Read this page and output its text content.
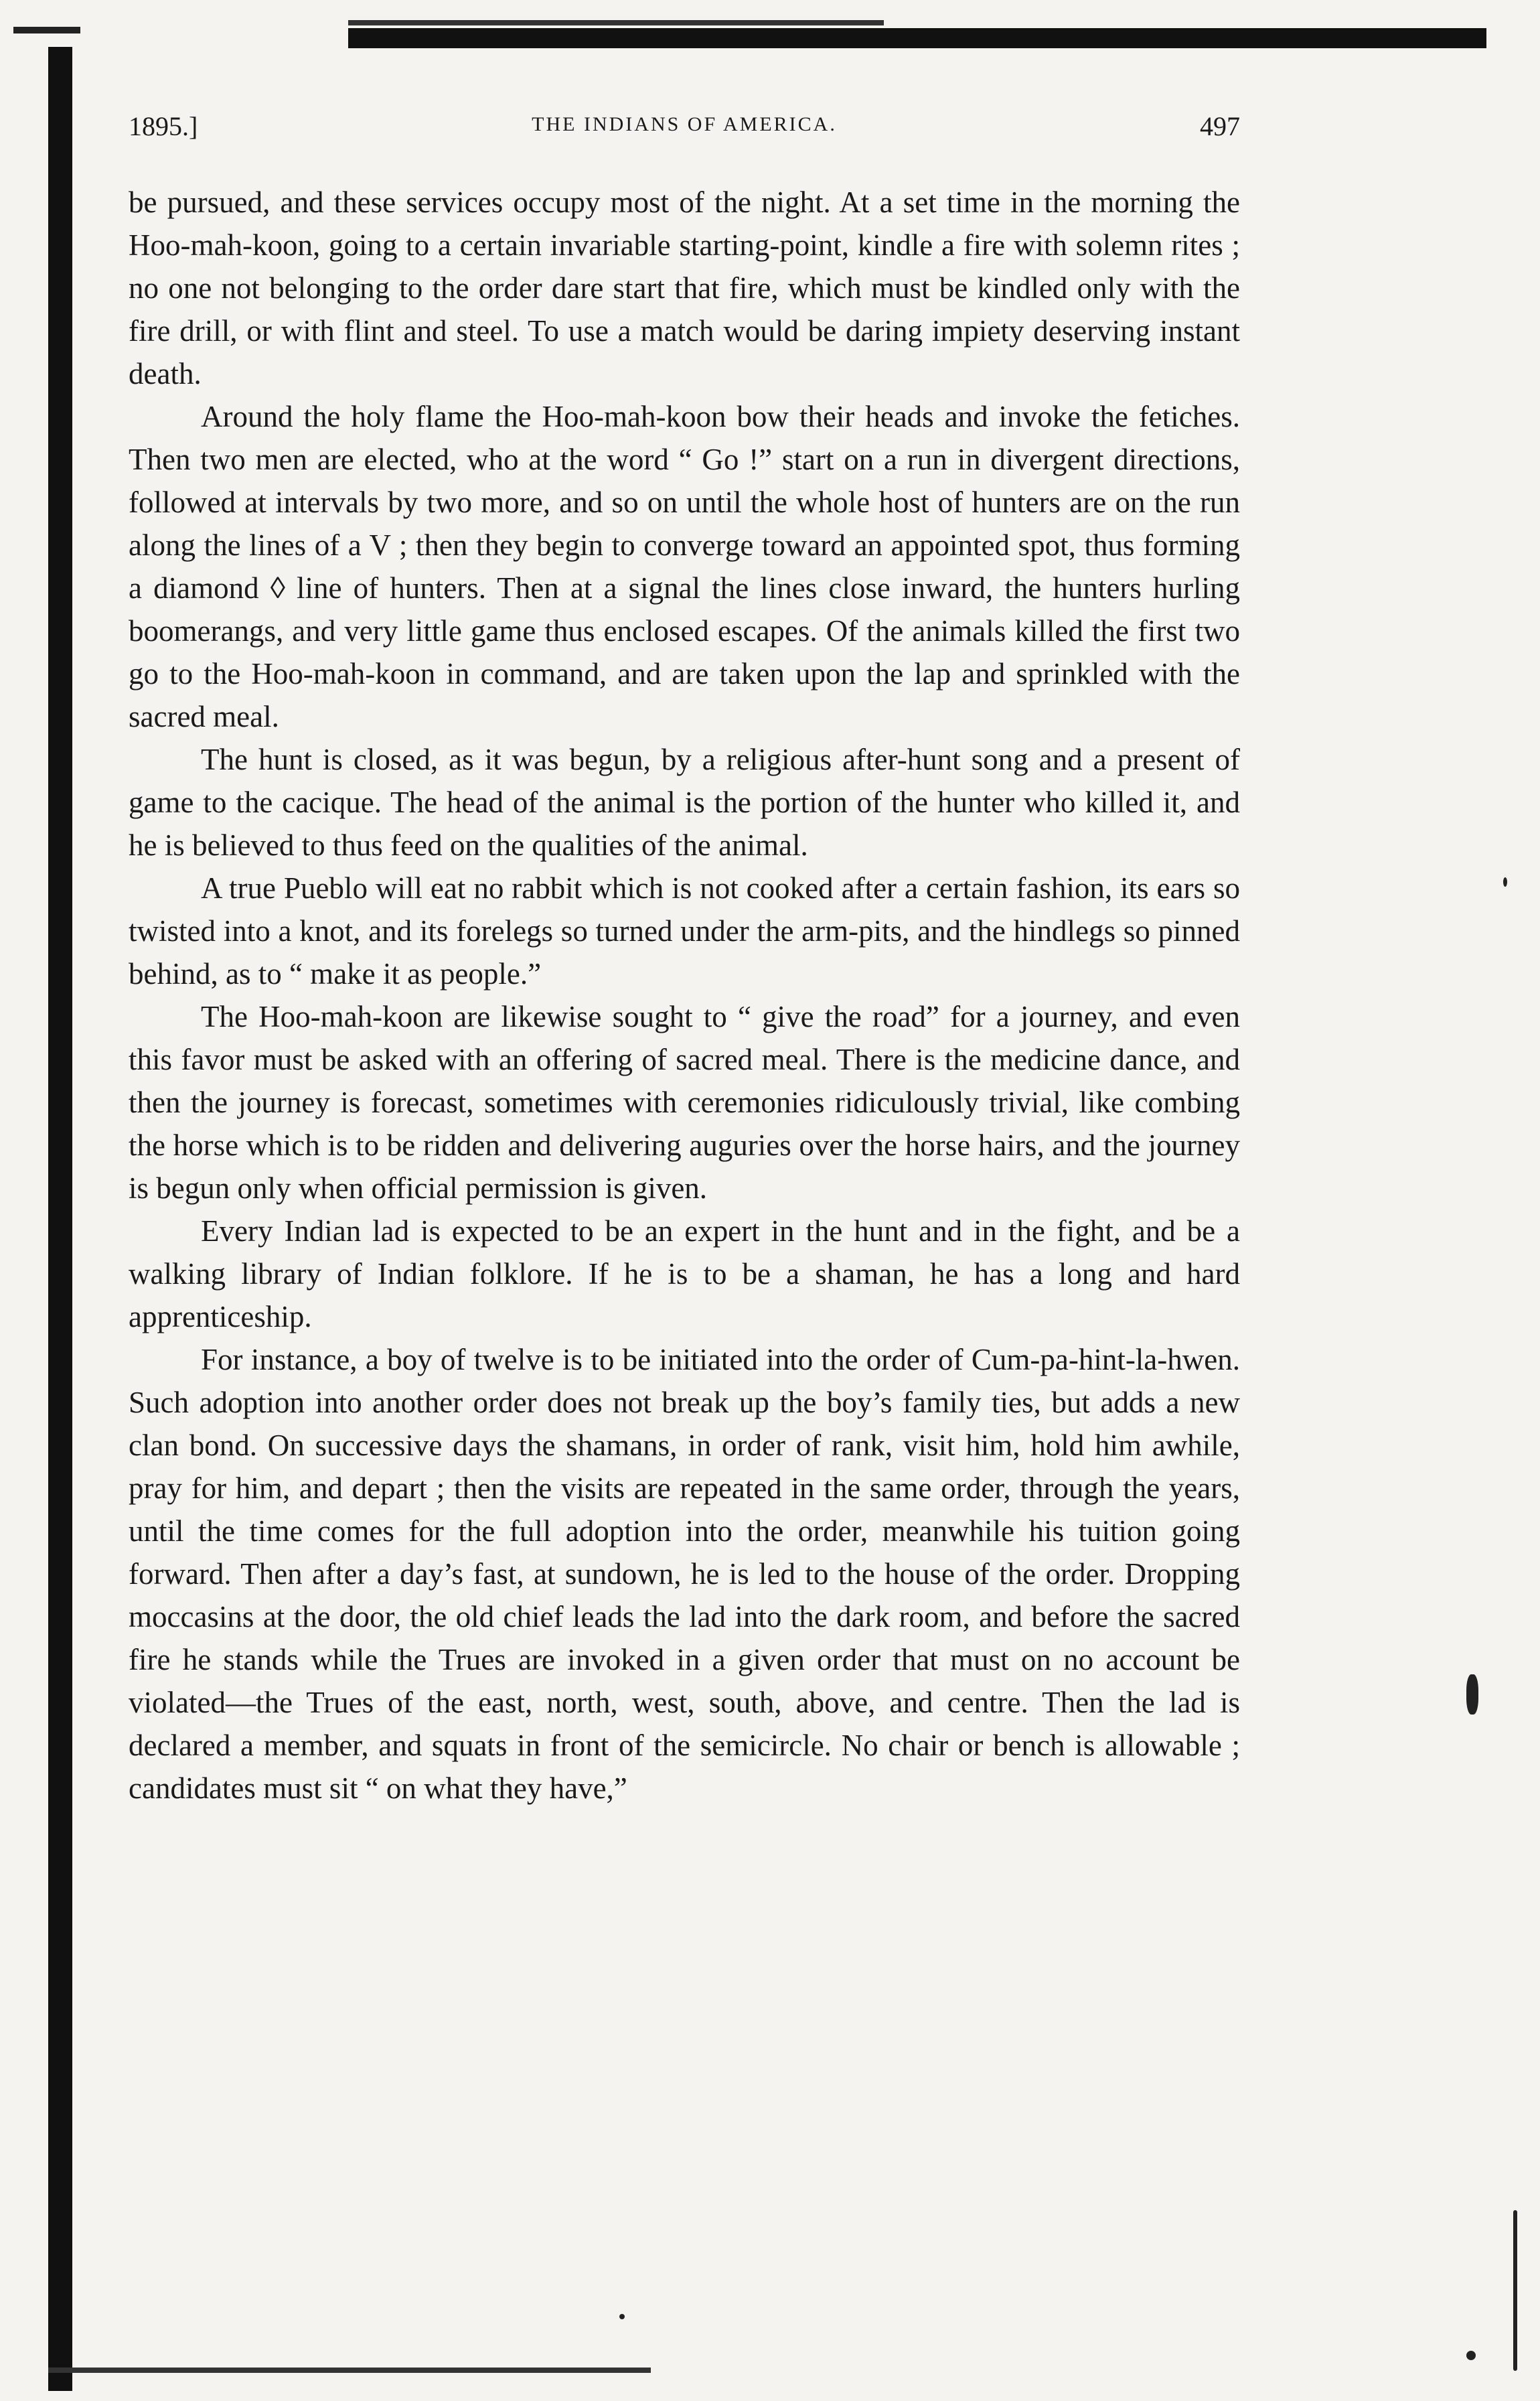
1895.]	THE INDIANS OF AMERICA.	497

be pursued, and these services occupy most of the night. At a set time in the morning the Hoo-mah-koon, going to a certain invariable starting-point, kindle a fire with solemn rites ; no one not belonging to the order dare start that fire, which must be kindled only with the fire drill, or with flint and steel. To use a match would be daring impiety deserving instant death.

Around the holy flame the Hoo-mah-koon bow their heads and invoke the fetiches. Then two men are elected, who at the word “ Go !” start on a run in divergent directions, followed at intervals by two more, and so on until the whole host of hunters are on the run along the lines of a V ; then they begin to converge toward an appointed spot, thus forming a diamond ◊ line of hunters. Then at a signal the lines close inward, the hunters hurling boomerangs, and very little game thus enclosed escapes. Of the animals killed the first two go to the Hoo-mah-koon in command, and are taken upon the lap and sprinkled with the sacred meal.

The hunt is closed, as it was begun, by a religious after-hunt song and a present of game to the cacique. The head of the animal is the portion of the hunter who killed it, and he is believed to thus feed on the qualities of the animal.

A true Pueblo will eat no rabbit which is not cooked after a certain fashion, its ears so twisted into a knot, and its forelegs so turned under the arm-pits, and the hindlegs so pinned behind, as to “ make it as people.”

The Hoo-mah-koon are likewise sought to “ give the road” for a journey, and even this favor must be asked with an offering of sacred meal. There is the medicine dance, and then the journey is forecast, sometimes with ceremonies ridiculously trivial, like combing the horse which is to be ridden and delivering auguries over the horse hairs, and the journey is begun only when official permission is given.

Every Indian lad is expected to be an expert in the hunt and in the fight, and be a walking library of Indian folklore. If he is to be a shaman, he has a long and hard apprenticeship.

For instance, a boy of twelve is to be initiated into the order of Cum-pa-hint-la-hwen. Such adoption into another order does not break up the boy’s family ties, but adds a new clan bond. On successive days the shamans, in order of rank, visit him, hold him awhile, pray for him, and depart ; then the visits are repeated in the same order, through the years, until the time comes for the full adoption into the order, meanwhile his tuition going forward. Then after a day’s fast, at sundown, he is led to the house of the order. Dropping moccasins at the door, the old chief leads the lad into the dark room, and before the sacred fire he stands while the Trues are invoked in a given order that must on no account be violated—the Trues of the east, north, west, south, above, and centre. Then the lad is declared a member, and squats in front of the semicircle. No chair or bench is allowable ; candidates must sit “ on what they have,”
